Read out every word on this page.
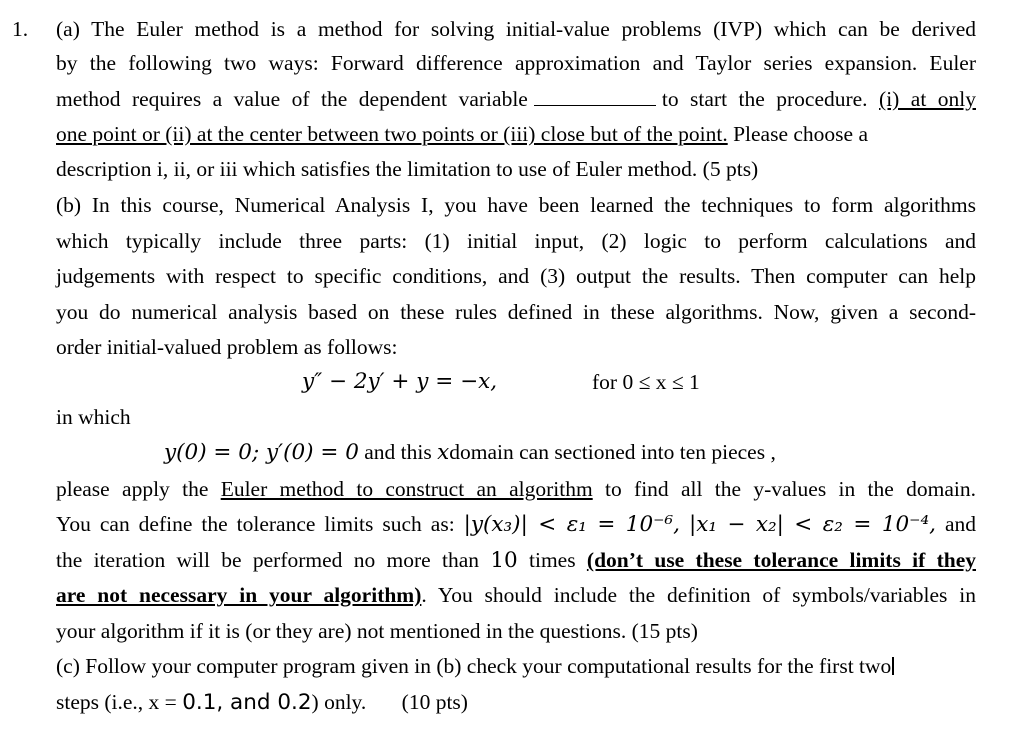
1. (a) The Euler method is a method for solving initial-value problems (IVP) which can be derived
by the following two ways: Forward difference approximation and Taylor series expansion. Euler
method requires a value of the dependent variable	to start the procedure. (i) at only
one point or (ii) at the center between two points or (iii) close but of the point. Please choose a
description i, ii, or iii which satisfies the limitation to use of Euler method. (5 pts)
(b) In this course, Numerical Analysis I, you have been learned the techniques to form algorithms
which typically include three parts: (1) initial input, (2) logic to perform calculations and
judgements with respect to specific conditions, and (3) output the results. Then computer can help
you do numerical analysis based on these rules defined in these algorithms. Now, given a second-
order initial-valued problem as follows:
y″ − 2y′ + y = −x,	for 0 ≤ x ≤ 1
in which
y(0) = 0; y′(0) = 0 and this xdomain can sectioned into ten pieces ,
please apply the Euler method to construct an algorithm to find all the y-values in the domain.
You can define the tolerance limits such as: |y(x₃)| < ε₁ = 10⁻⁶, |x₁ − x₂| < ε₂ = 10⁻⁴, and
the iteration will be performed no more than 10 times (don’t use these tolerance limits if they
are not necessary in your algorithm). You should include the definition of symbols/variables in
your algorithm if it is (or they are) not mentioned in the questions. (15 pts)
(c) Follow your computer program given in (b) check your computational results for the first two
steps (i.e., x = 0.1, and 0.2) only. (10 pts)
